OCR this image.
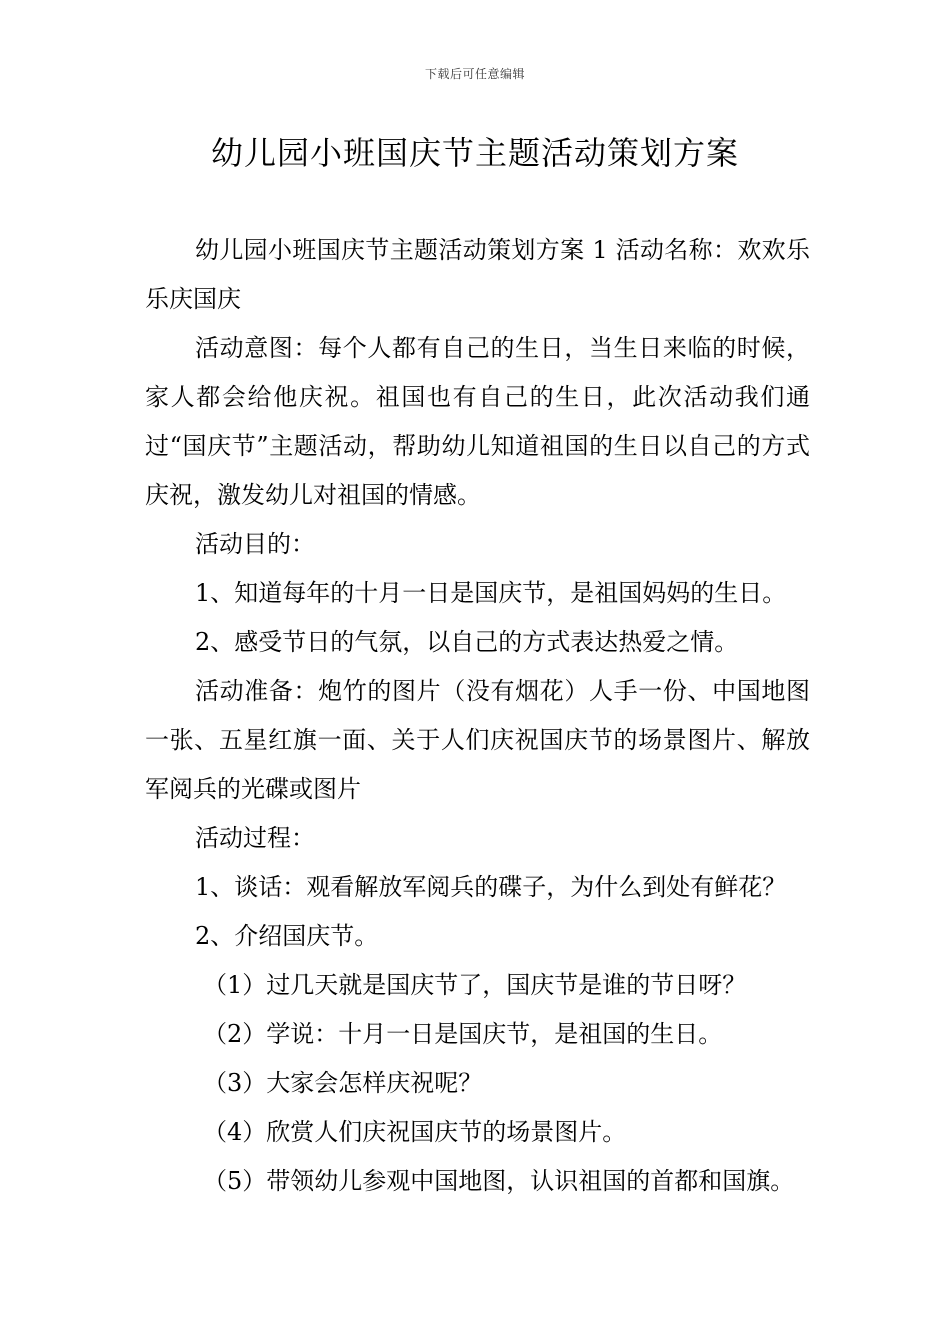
下载后可任意编辑
幼儿园小班国庆节主题活动策划方案

幼儿园小班国庆节主题活动策划方案 1 活动名称：欢欢乐乐庆国庆

活动意图：每个人都有自己的生日，当生日来临的时候，家人都会给他庆祝。祖国也有自己的生日，此次活动我们通过“国庆节”主题活动，帮助幼儿知道祖国的生日以自己的方式庆祝，激发幼儿对祖国的情感。

活动目的：

1、知道每年的十月一日是国庆节，是祖国妈妈的生日。

2、感受节日的气氛，以自己的方式表达热爱之情。

活动准备：炮竹的图片（没有烟花）人手一份、中国地图一张、五星红旗一面、关于人们庆祝国庆节的场景图片、解放军阅兵的光碟或图片

活动过程：

1、谈话：观看解放军阅兵的碟子，为什么到处有鲜花？

2、介绍国庆节。

（1）过几天就是国庆节了，国庆节是谁的节日呀？

（2）学说：十月一日是国庆节，是祖国的生日。

（3）大家会怎样庆祝呢？

（4）欣赏人们庆祝国庆节的场景图片。

（5）带领幼儿参观中国地图，认识祖国的首都和国旗。
